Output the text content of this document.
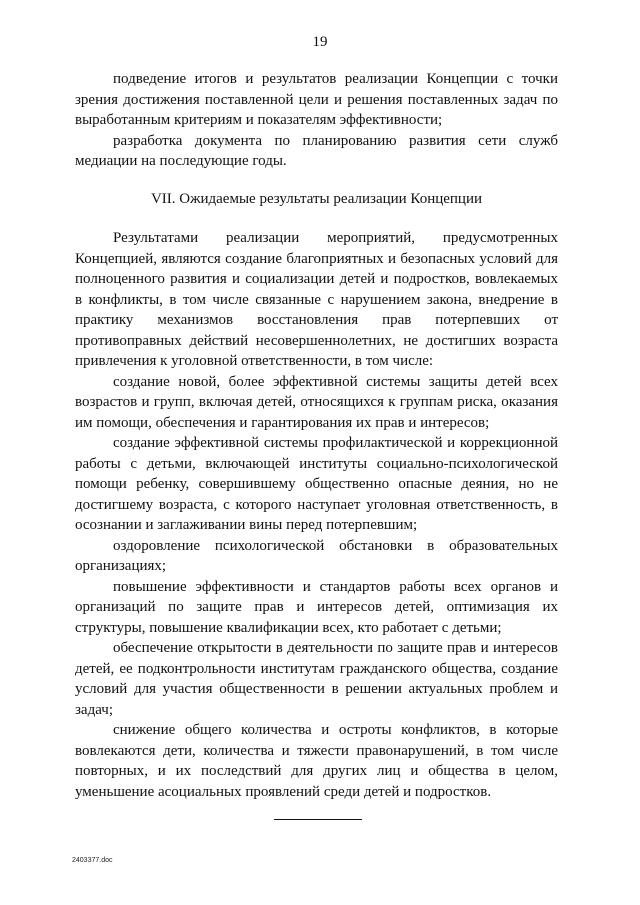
19

подведение итогов и результатов реализации Концепции с точки зрения достижения поставленной цели и решения поставленных задач по выработанным критериям и показателям эффективности;

разработка документа по планированию развития сети служб медиации на последующие годы.

VII. Ожидаемые результаты реализации Концепции

Результатами реализации мероприятий, предусмотренных Концепцией, являются создание благоприятных и безопасных условий для полноценного развития и социализации детей и подростков, вовлекаемых в конфликты, в том числе связанные с нарушением закона, внедрение в практику механизмов восстановления прав потерпевших от противоправных действий несовершеннолетних, не достигших возраста привлечения к уголовной ответственности, в том числе:

создание новой, более эффективной системы защиты детей всех возрастов и групп, включая детей, относящихся к группам риска, оказания им помощи, обеспечения и гарантирования их прав и интересов;

создание эффективной системы профилактической и коррекционной работы с детьми, включающей институты социально-психологической помощи ребенку, совершившему общественно опасные деяния, но не достигшему возраста, с которого наступает уголовная ответственность, в осознании и заглаживании вины перед потерпевшим;

оздоровление психологической обстановки в образовательных организациях;

повышение эффективности и стандартов работы всех органов и организаций по защите прав и интересов детей, оптимизация их структуры, повышение квалификации всех, кто работает с детьми;

обеспечение открытости в деятельности по защите прав и интересов детей, ее подконтрольности институтам гражданского общества, создание условий для участия общественности в решении актуальных проблем и задач;

снижение общего количества и остроты конфликтов, в которые вовлекаются дети, количества и тяжести правонарушений, в том числе повторных, и их последствий для других лиц и общества в целом, уменьшение асоциальных проявлений среди детей и подростков.

2403377.doc
